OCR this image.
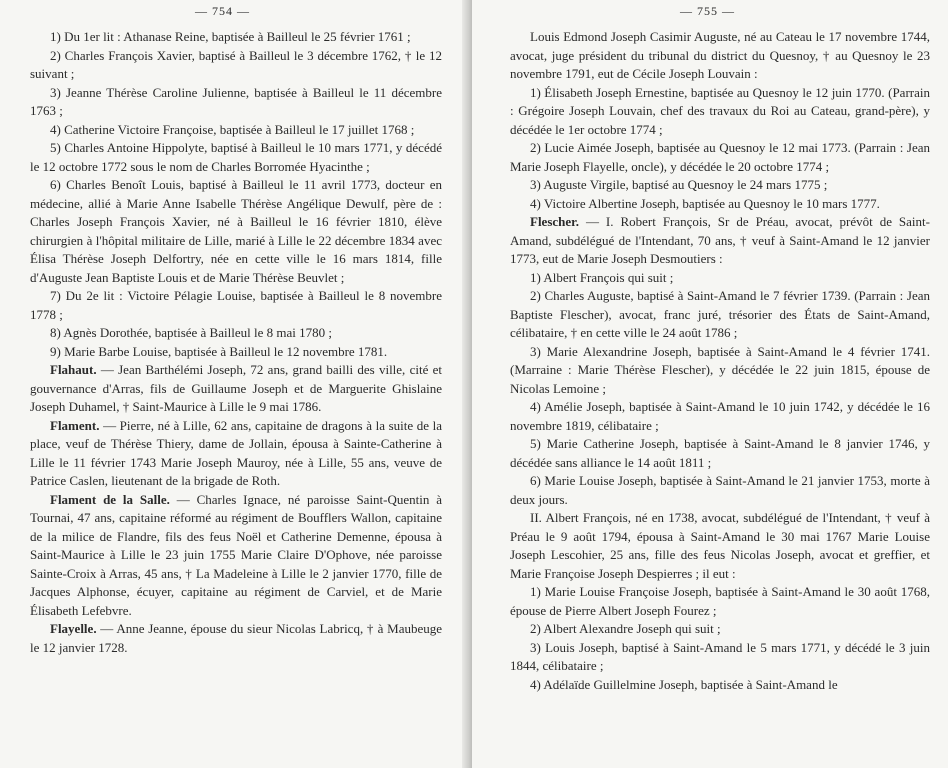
— 754 —

1) Du 1er lit : Athanase Reine, baptisée à Bailleul le 25 février 1761 ;

2) Charles François Xavier, baptisé à Bailleul le 3 décembre 1762, † le 12 suivant ;

3) Jeanne Thérèse Caroline Julienne, baptisée à Bailleul le 11 décembre 1763 ;

4) Catherine Victoire Françoise, baptisée à Bailleul le 17 juillet 1768 ;

5) Charles Antoine Hippolyte, baptisé à Bailleul le 10 mars 1771, y décédé le 12 octobre 1772 sous le nom de Charles Borromée Hyacinthe ;

6) Charles Benoît Louis, baptisé à Bailleul le 11 avril 1773, docteur en médecine, allié à Marie Anne Isabelle Thérèse Angélique Dewulf, père de : Charles Joseph François Xavier, né à Bailleul le 16 février 1810, élève chirurgien à l'hôpital militaire de Lille, marié à Lille le 22 décembre 1834 avec Élisa Thérèse Joseph Delfortry, née en cette ville le 16 mars 1814, fille d'Auguste Jean Baptiste Louis et de Marie Thérèse Beuvlet ;

7) Du 2e lit : Victoire Pélagie Louise, baptisée à Bailleul le 8 novembre 1778 ;

8) Agnès Dorothée, baptisée à Bailleul le 8 mai 1780 ;

9) Marie Barbe Louise, baptisée à Bailleul le 12 novembre 1781.

Flahaut. — Jean Barthélémi Joseph, 72 ans, grand bailli des ville, cité et gouvernance d'Arras, fils de Guillaume Joseph et de Marguerite Ghislaine Joseph Duhamel, † Saint-Maurice à Lille le 9 mai 1786.

Flament. — Pierre, né à Lille, 62 ans, capitaine de dragons à la suite de la place, veuf de Thérèse Thiery, dame de Jollain, épousa à Sainte-Catherine à Lille le 11 février 1743 Marie Joseph Mauroy, née à Lille, 55 ans, veuve de Patrice Caslen, lieutenant de la brigade de Roth.

Flament de la Salle. — Charles Ignace, né paroisse Saint-Quentin à Tournai, 47 ans, capitaine réformé au régiment de Boufflers Wallon, capitaine de la milice de Flandre, fils des feus Noël et Catherine Demenne, épousa à Saint-Maurice à Lille le 23 juin 1755 Marie Claire D'Ophove, née paroisse Sainte-Croix à Arras, 45 ans, † La Madeleine à Lille le 2 janvier 1770, fille de Jacques Alphonse, écuyer, capitaine au régiment de Carviel, et de Marie Élisabeth Lefebvre.

Flayelle. — Anne Jeanne, épouse du sieur Nicolas Labricq, † à Maubeuge le 12 janvier 1728.

— 755 —

Louis Edmond Joseph Casimir Auguste, né au Cateau le 17 novembre 1744, avocat, juge président du tribunal du district du Quesnoy, † au Quesnoy le 23 novembre 1791, eut de Cécile Joseph Louvain :

1) Élisabeth Joseph Ernestine, baptisée au Quesnoy le 12 juin 1770. (Parrain : Grégoire Joseph Louvain, chef des travaux du Roi au Cateau, grand-père), y décédée le 1er octobre 1774 ;

2) Lucie Aimée Joseph, baptisée au Quesnoy le 12 mai 1773. (Parrain : Jean Marie Joseph Flayelle, oncle), y décédée le 20 octobre 1774 ;

3) Auguste Virgile, baptisé au Quesnoy le 24 mars 1775 ;

4) Victoire Albertine Joseph, baptisée au Quesnoy le 10 mars 1777.

Flescher. — I. Robert François, Sr de Préau, avocat, prévôt de Saint-Amand, subdélégué de l'Intendant, 70 ans, † veuf à Saint-Amand le 12 janvier 1773, eut de Marie Joseph Desmoutiers :

1) Albert François qui suit ;

2) Charles Auguste, baptisé à Saint-Amand le 7 février 1739. (Parrain : Jean Baptiste Flescher), avocat, franc juré, trésorier des États de Saint-Amand, célibataire, † en cette ville le 24 août 1786 ;

3) Marie Alexandrine Joseph, baptisée à Saint-Amand le 4 février 1741. (Marraine : Marie Thérèse Flescher), y décédée le 22 juin 1815, épouse de Nicolas Lemoine ;

4) Amélie Joseph, baptisée à Saint-Amand le 10 juin 1742, y décédée le 16 novembre 1819, célibataire ;

5) Marie Catherine Joseph, baptisée à Saint-Amand le 8 janvier 1746, y décédée sans alliance le 14 août 1811 ;

6) Marie Louise Joseph, baptisée à Saint-Amand le 21 janvier 1753, morte à deux jours.

II. Albert François, né en 1738, avocat, subdélégué de l'Intendant, † veuf à Préau le 9 août 1794, épousa à Saint-Amand le 30 mai 1767 Marie Louise Joseph Lescohier, 25 ans, fille des feus Nicolas Joseph, avocat et greffier, et Marie Françoise Joseph Despierres ; il eut :

1) Marie Louise Françoise Joseph, baptisée à Saint-Amand le 30 août 1768, épouse de Pierre Albert Joseph Fourez ;

2) Albert Alexandre Joseph qui suit ;

3) Louis Joseph, baptisé à Saint-Amand le 5 mars 1771, y décédé le 3 juin 1844, célibataire ;

4) Adélaïde Guillelmine Joseph, baptisée à Saint-Amand le
